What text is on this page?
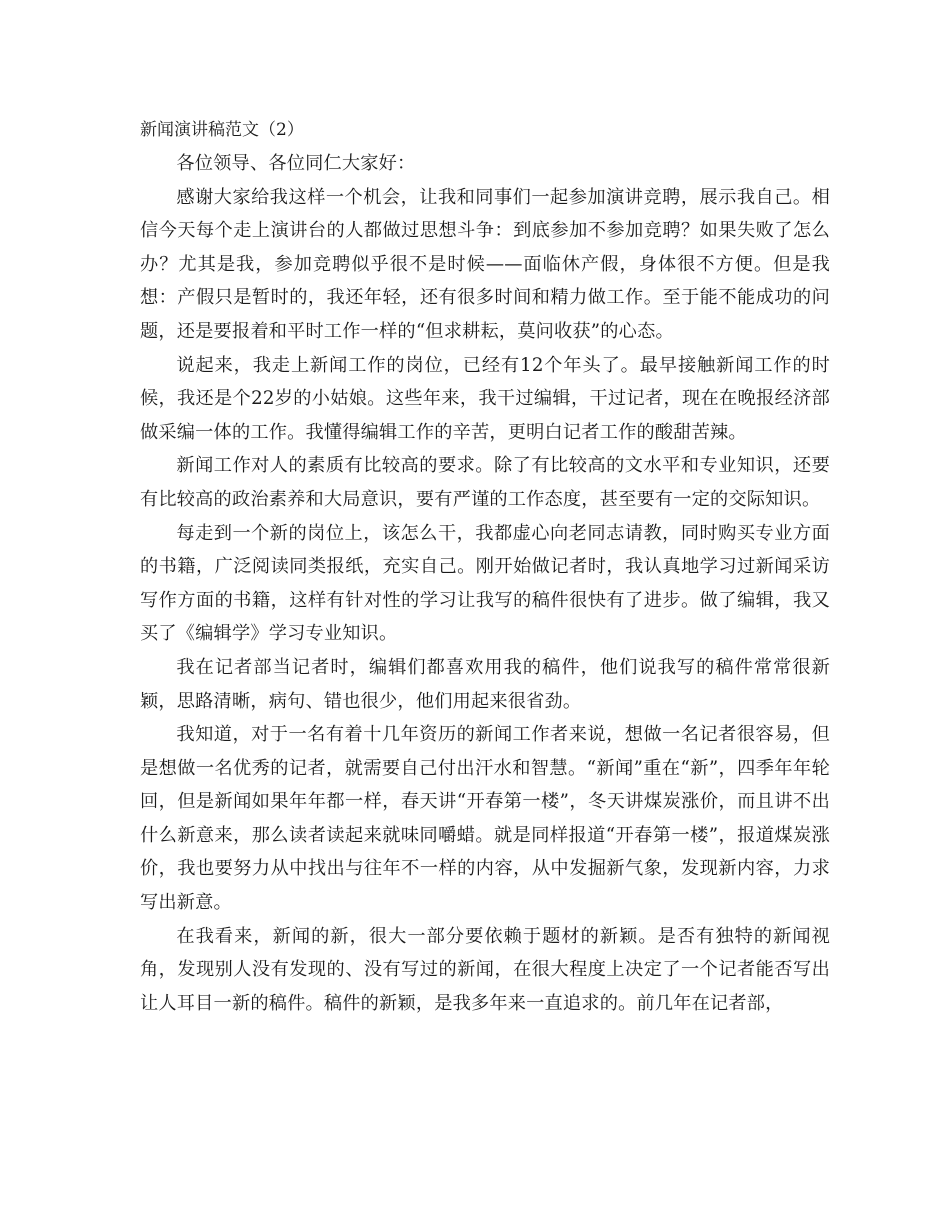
新闻演讲稿范文（2）

各位领导、各位同仁大家好：

感谢大家给我这样一个机会，让我和同事们一起参加演讲竞聘，展示我自己。相信今天每个走上演讲台的人都做过思想斗争：到底参加不参加竞聘？如果失败了怎么办？尤其是我，参加竞聘似乎很不是时候——面临休产假，身体很不方便。但是我想：产假只是暂时的，我还年轻，还有很多时间和精力做工作。至于能不能成功的问题，还是要报着和平时工作一样的“但求耕耘，莫问收获”的心态。

说起来，我走上新闻工作的岗位，已经有12个年头了。最早接触新闻工作的时候，我还是个22岁的小姑娘。这些年来，我干过编辑，干过记者，现在在晚报经济部做采编一体的工作。我懂得编辑工作的辛苦，更明白记者工作的酸甜苦辣。

新闻工作对人的素质有比较高的要求。除了有比较高的文水平和专业知识，还要有比较高的政治素养和大局意识，要有严谨的工作态度，甚至要有一定的交际知识。

每走到一个新的岗位上，该怎么干，我都虚心向老同志请教，同时购买专业方面的书籍，广泛阅读同类报纸，充实自己。刚开始做记者时，我认真地学习过新闻采访写作方面的书籍，这样有针对性的学习让我写的稿件很快有了进步。做了编辑，我又买了《编辑学》学习专业知识。

我在记者部当记者时，编辑们都喜欢用我的稿件，他们说我写的稿件常常很新颖，思路清晰，病句、错也很少，他们用起来很省劲。

我知道，对于一名有着十几年资历的新闻工作者来说，想做一名记者很容易，但是想做一名优秀的记者，就需要自己付出汗水和智慧。“新闻”重在“新”，四季年年轮回，但是新闻如果年年都一样，春天讲“开春第一楼”，冬天讲煤炭涨价，而且讲不出什么新意来，那么读者读起来就味同嚼蜡。就是同样报道“开春第一楼”，报道煤炭涨价，我也要努力从中找出与往年不一样的内容，从中发掘新气象，发现新内容，力求写出新意。

在我看来，新闻的新，很大一部分要依赖于题材的新颖。是否有独特的新闻视角，发现别人没有发现的、没有写过的新闻，在很大程度上决定了一个记者能否写出让人耳目一新的稿件。稿件的新颖，是我多年来一直追求的。前几年在记者部，
